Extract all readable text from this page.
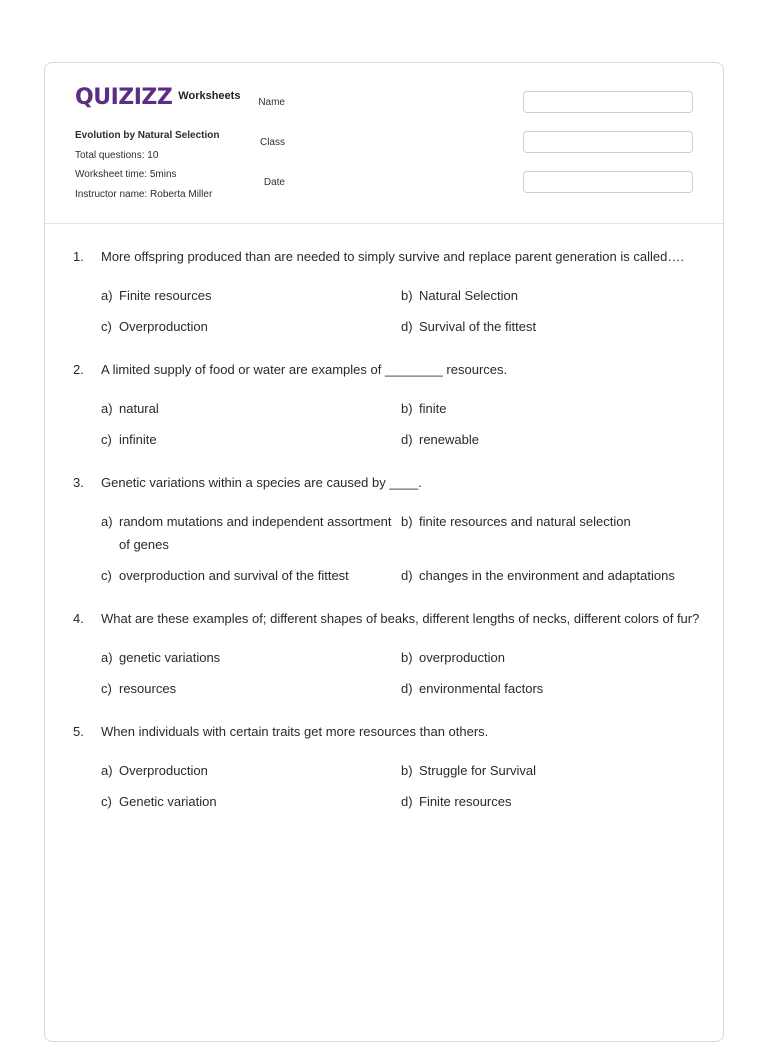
QUIZIZZ Worksheets
Evolution by Natural Selection
Total questions: 10
Worksheet time: 5mins
Instructor name: Roberta Miller
Name
Class
Date
1.	More offspring produced than are needed to simply survive and replace parent generation is called….
a) Finite resources	b) Natural Selection
c) Overproduction	d) Survival of the fittest
2.	A limited supply of food or water are examples of ________ resources.
a) natural	b) finite
c) infinite	d) renewable
3.	Genetic variations within a species are caused by ____.
a) random mutations and independent assortment of genes
b) finite resources and natural selection
c) overproduction and survival of the fittest	d) changes in the environment and adaptations
4.	What are these examples of; different shapes of beaks, different lengths of necks, different colors of fur?
a) genetic variations	b) overproduction
c) resources	d) environmental factors
5.	When individuals with certain traits get more resources than others.
a) Overproduction	b) Struggle for Survival
c) Genetic variation	d) Finite resources
